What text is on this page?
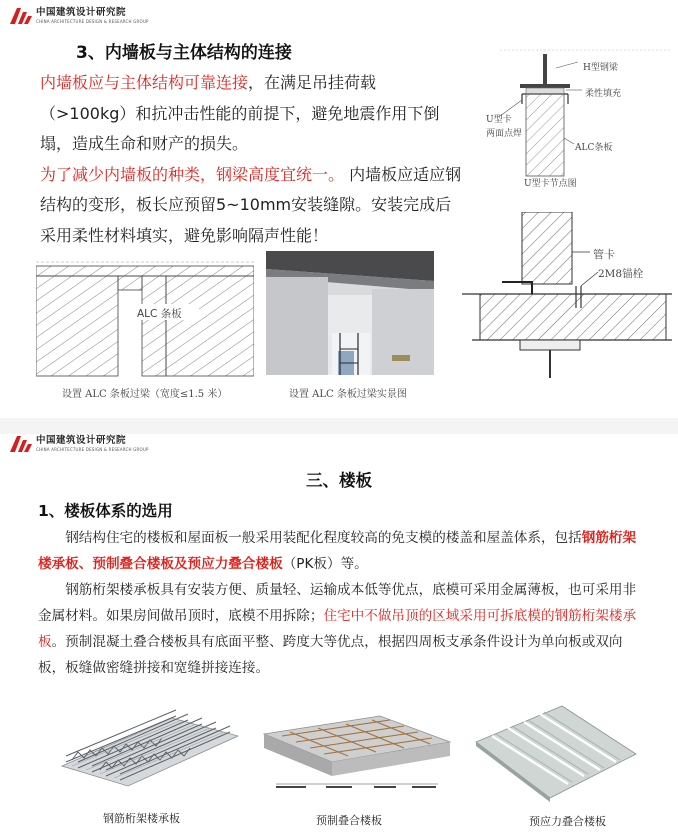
中国建筑设计研究院
CHINA ARCHITECTURE DESIGN & RESEARCH GROUP
3、内墙板与主体结构的连接
内墙板应与主体结构可靠连接，在满足吊挂荷载（>100kg）和抗冲击性能的前提下，避免地震作用下倒塌，造成生命和财产的损失。
为了减少内墙板的种类，钢梁高度宜统一。 内墙板应适应钢结构的变形，板长应预留5~10mm安装缝隙。安装完成后采用柔性材料填实，避免影响隔声性能！
H型钢梁
柔性填充
U型卡
两面点焊
ALC条板
U型卡节点图
管卡
2M8锚栓
ALC 条板
设置 ALC 条板过梁（宽度≤1.5 米）	设置 ALC 条板过梁实景图
中国建筑设计研究院
CHINA ARCHITECTURE DESIGN & RESEARCH GROUP
三、楼板
1、楼板体系的选用

钢结构住宅的楼板和屋面板一般采用装配化程度较高的免支模的楼盖和屋盖体系，包括钢筋桁架楼承板、预制叠合楼板及预应力叠合楼板（PK板）等。

钢筋桁架楼承板具有安装方便、质量轻、运输成本低等优点，底模可采用金属薄板，也可采用非金属材料。如果房间做吊顶时，底模不用拆除；住宅中不做吊顶的区域采用可拆底模的钢筋桁架楼承板。预制混凝土叠合楼板具有底面平整、跨度大等优点，根据四周板支承条件设计为单向板或双向板，板缝做密缝拼接和宽缝拼接连接。

钢筋桁架楼承板	预制叠合楼板	预应力叠合楼板
